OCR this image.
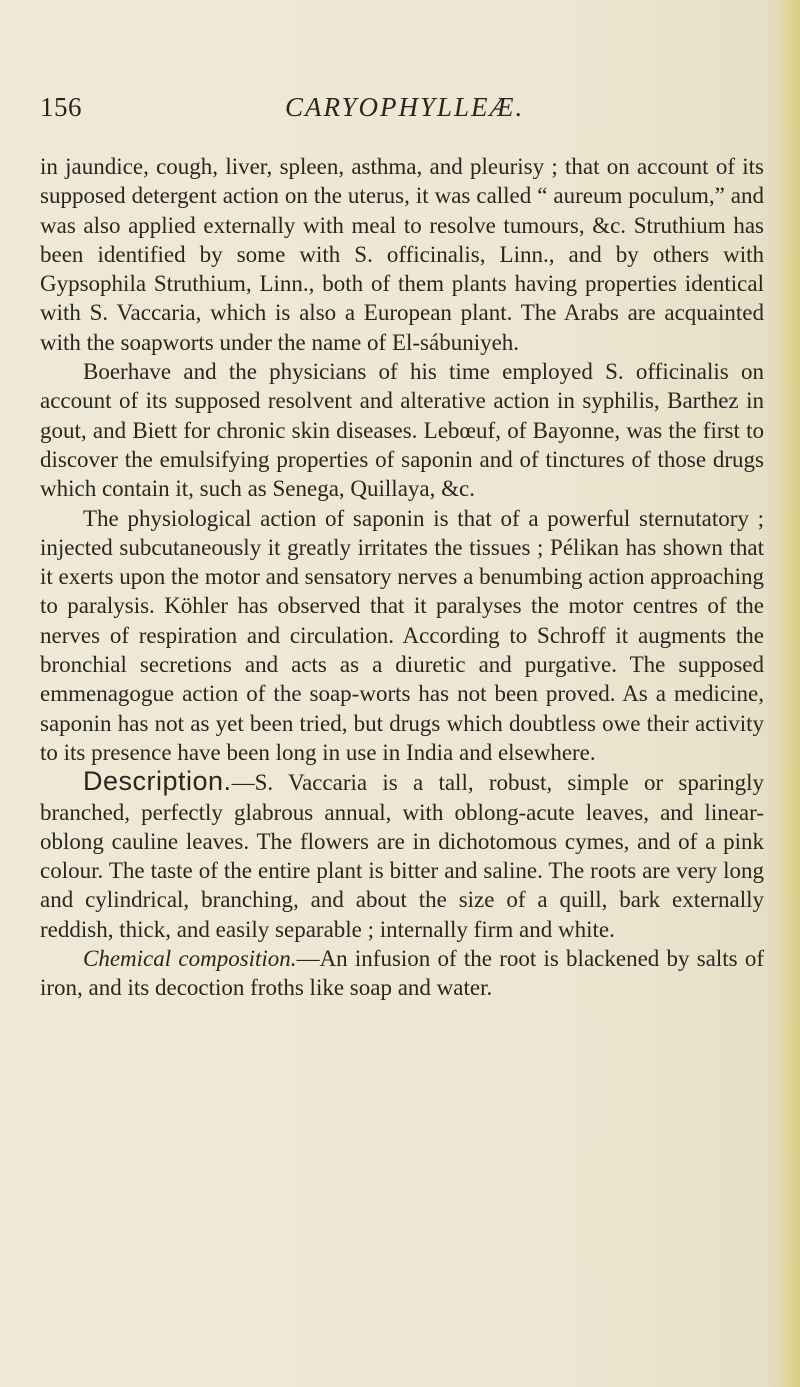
156	CARYOPHYLLEÆ.

in jaundice, cough, liver, spleen, asthma, and pleurisy ; that on account of its supposed detergent action on the uterus, it was called “ aureum poculum,” and was also applied externally with meal to resolve tumours, &c. Struthium has been identified by some with S. officinalis, Linn., and by others with Gypsophila Struthium, Linn., both of them plants having properties identical with S. Vaccaria, which is also a European plant. The Arabs are acquainted with the soapworts under the name of El-sábuniyeh.

Boerhave and the physicians of his time employed S. officinalis on account of its supposed resolvent and alterative action in syphilis, Barthez in gout, and Biett for chronic skin diseases. Lebœuf, of Bayonne, was the first to discover the emulsifying properties of saponin and of tinctures of those drugs which contain it, such as Senega, Quillaya, &c.

The physiological action of saponin is that of a powerful sternutatory ; injected subcutaneously it greatly irritates the tissues ; Pélikan has shown that it exerts upon the motor and sensatory nerves a benumbing action approaching to paralysis. Köhler has observed that it paralyses the motor centres of the nerves of respiration and circulation. According to Schroff it augments the bronchial secretions and acts as a diuretic and purgative. The supposed emmenagogue action of the soap-worts has not been proved. As a medicine, saponin has not as yet been tried, but drugs which doubtless owe their activity to its presence have been long in use in India and elsewhere.

Description.—S. Vaccaria is a tall, robust, simple or sparingly branched, perfectly glabrous annual, with oblong-acute leaves, and linear-oblong cauline leaves. The flowers are in dichotomous cymes, and of a pink colour. The taste of the entire plant is bitter and saline. The roots are very long and cylindrical, branching, and about the size of a quill, bark externally reddish, thick, and easily separable ; internally firm and white.

Chemical composition.—An infusion of the root is blackened by salts of iron, and its decoction froths like soap and water.
